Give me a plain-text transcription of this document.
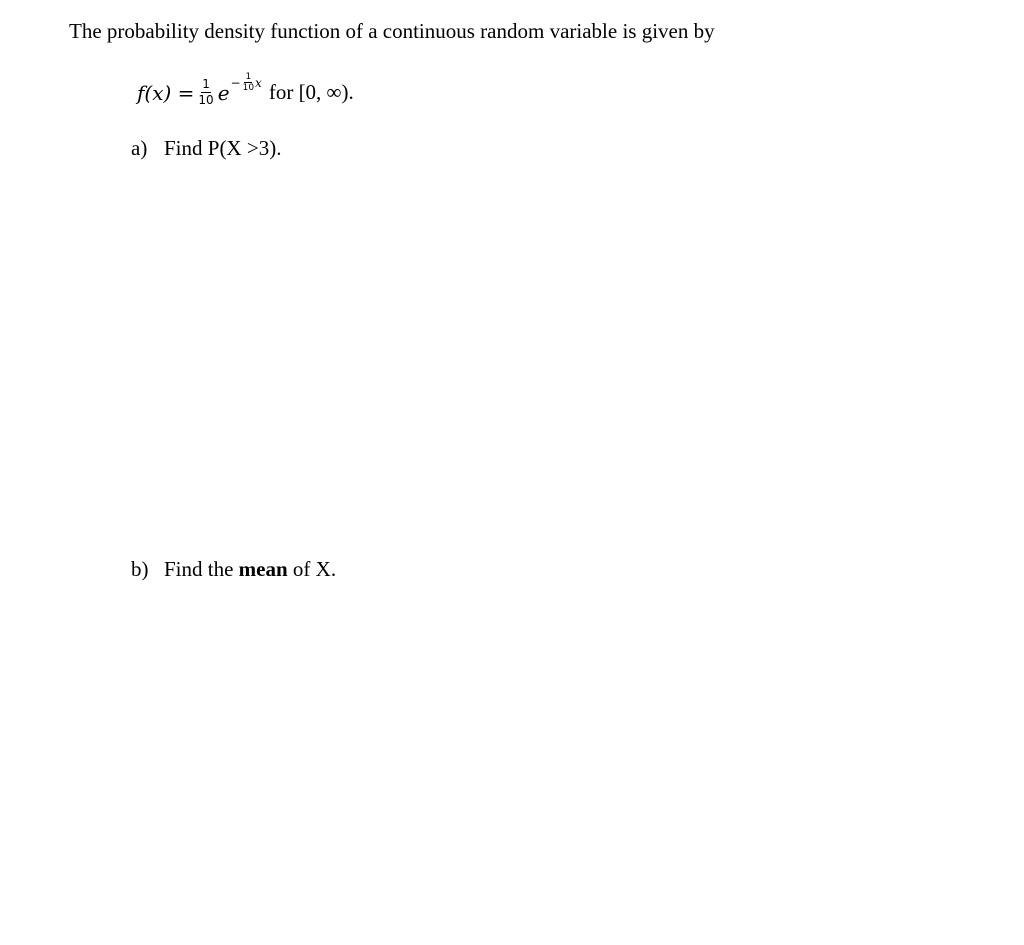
The probability density function of a continuous random variable is given by
$f(x) = \frac{1}{10}$ $e - \frac{1}{10}$ x for [0, ∞).
a) Find P(X >3).
b) Find the mean of X.
